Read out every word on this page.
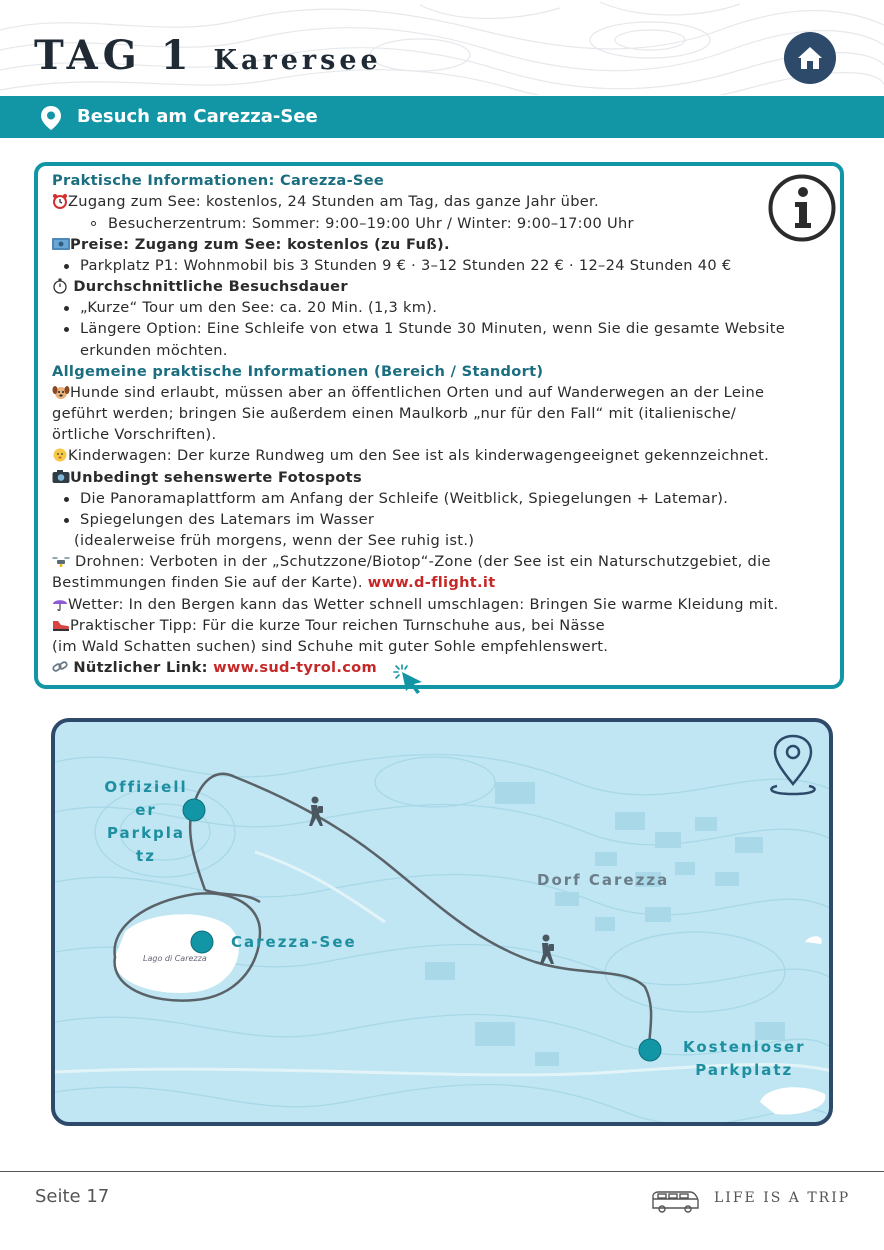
TAG 1 Karersee
Besuch am Carezza-See
Praktische Informationen: Carezza-See
Zugang zum See: kostenlos, 24 Stunden am Tag, das ganze Jahr über.
Besucherzentrum: Sommer: 9:00–19:00 Uhr / Winter: 9:00–17:00 Uhr
Preise: Zugang zum See: kostenlos (zu Fuß).
Parkplatz P1: Wohnmobil bis 3 Stunden 9 € · 3–12 Stunden 22 € · 12–24 Stunden 40 €
Durchschnittliche Besuchsdauer
„Kurze“ Tour um den See: ca. 20 Min. (1,3 km).
Längere Option: Eine Schleife von etwa 1 Stunde 30 Minuten, wenn Sie die gesamte Website
erkunden möchten.
Allgemeine praktische Informationen (Bereich / Standort)
Hunde sind erlaubt, müssen aber an öffentlichen Orten und auf Wanderwegen an der Leine
geführt werden; bringen Sie außerdem einen Maulkorb „nur für den Fall“ mit (italienische/
örtliche Vorschriften).
Kinderwagen: Der kurze Rundweg um den See ist als kinderwagengeeignet gekennzeichnet.
Unbedingt sehenswerte Fotospots
Die Panoramaplattform am Anfang der Schleife (Weitblick, Spiegelungen + Latemar).
Spiegelungen des Latemars im Wasser
(idealerweise früh morgens, wenn der See ruhig ist.)
Drohnen: Verboten in der „Schutzzone/Biotop“-Zone (der See ist ein Naturschutzgebiet, die
Bestimmungen finden Sie auf der Karte). www.d-flight.it
Wetter: In den Bergen kann das Wetter schnell umschlagen: Bringen Sie warme Kleidung mit.
Praktischer Tipp: Für die kurze Tour reichen Turnschuhe aus, bei Nässe
(im Wald Schatten suchen) sind Schuhe mit guter Sohle empfehlenswert.
Nützlicher Link: www.sud-tyrol.com
Offiziell
er
Parkpla
tz
Carezza-See
Dorf Carezza
Lago di Carezza
Kostenloser
Parkplatz
Seite 17	LIFE IS A TRIP
